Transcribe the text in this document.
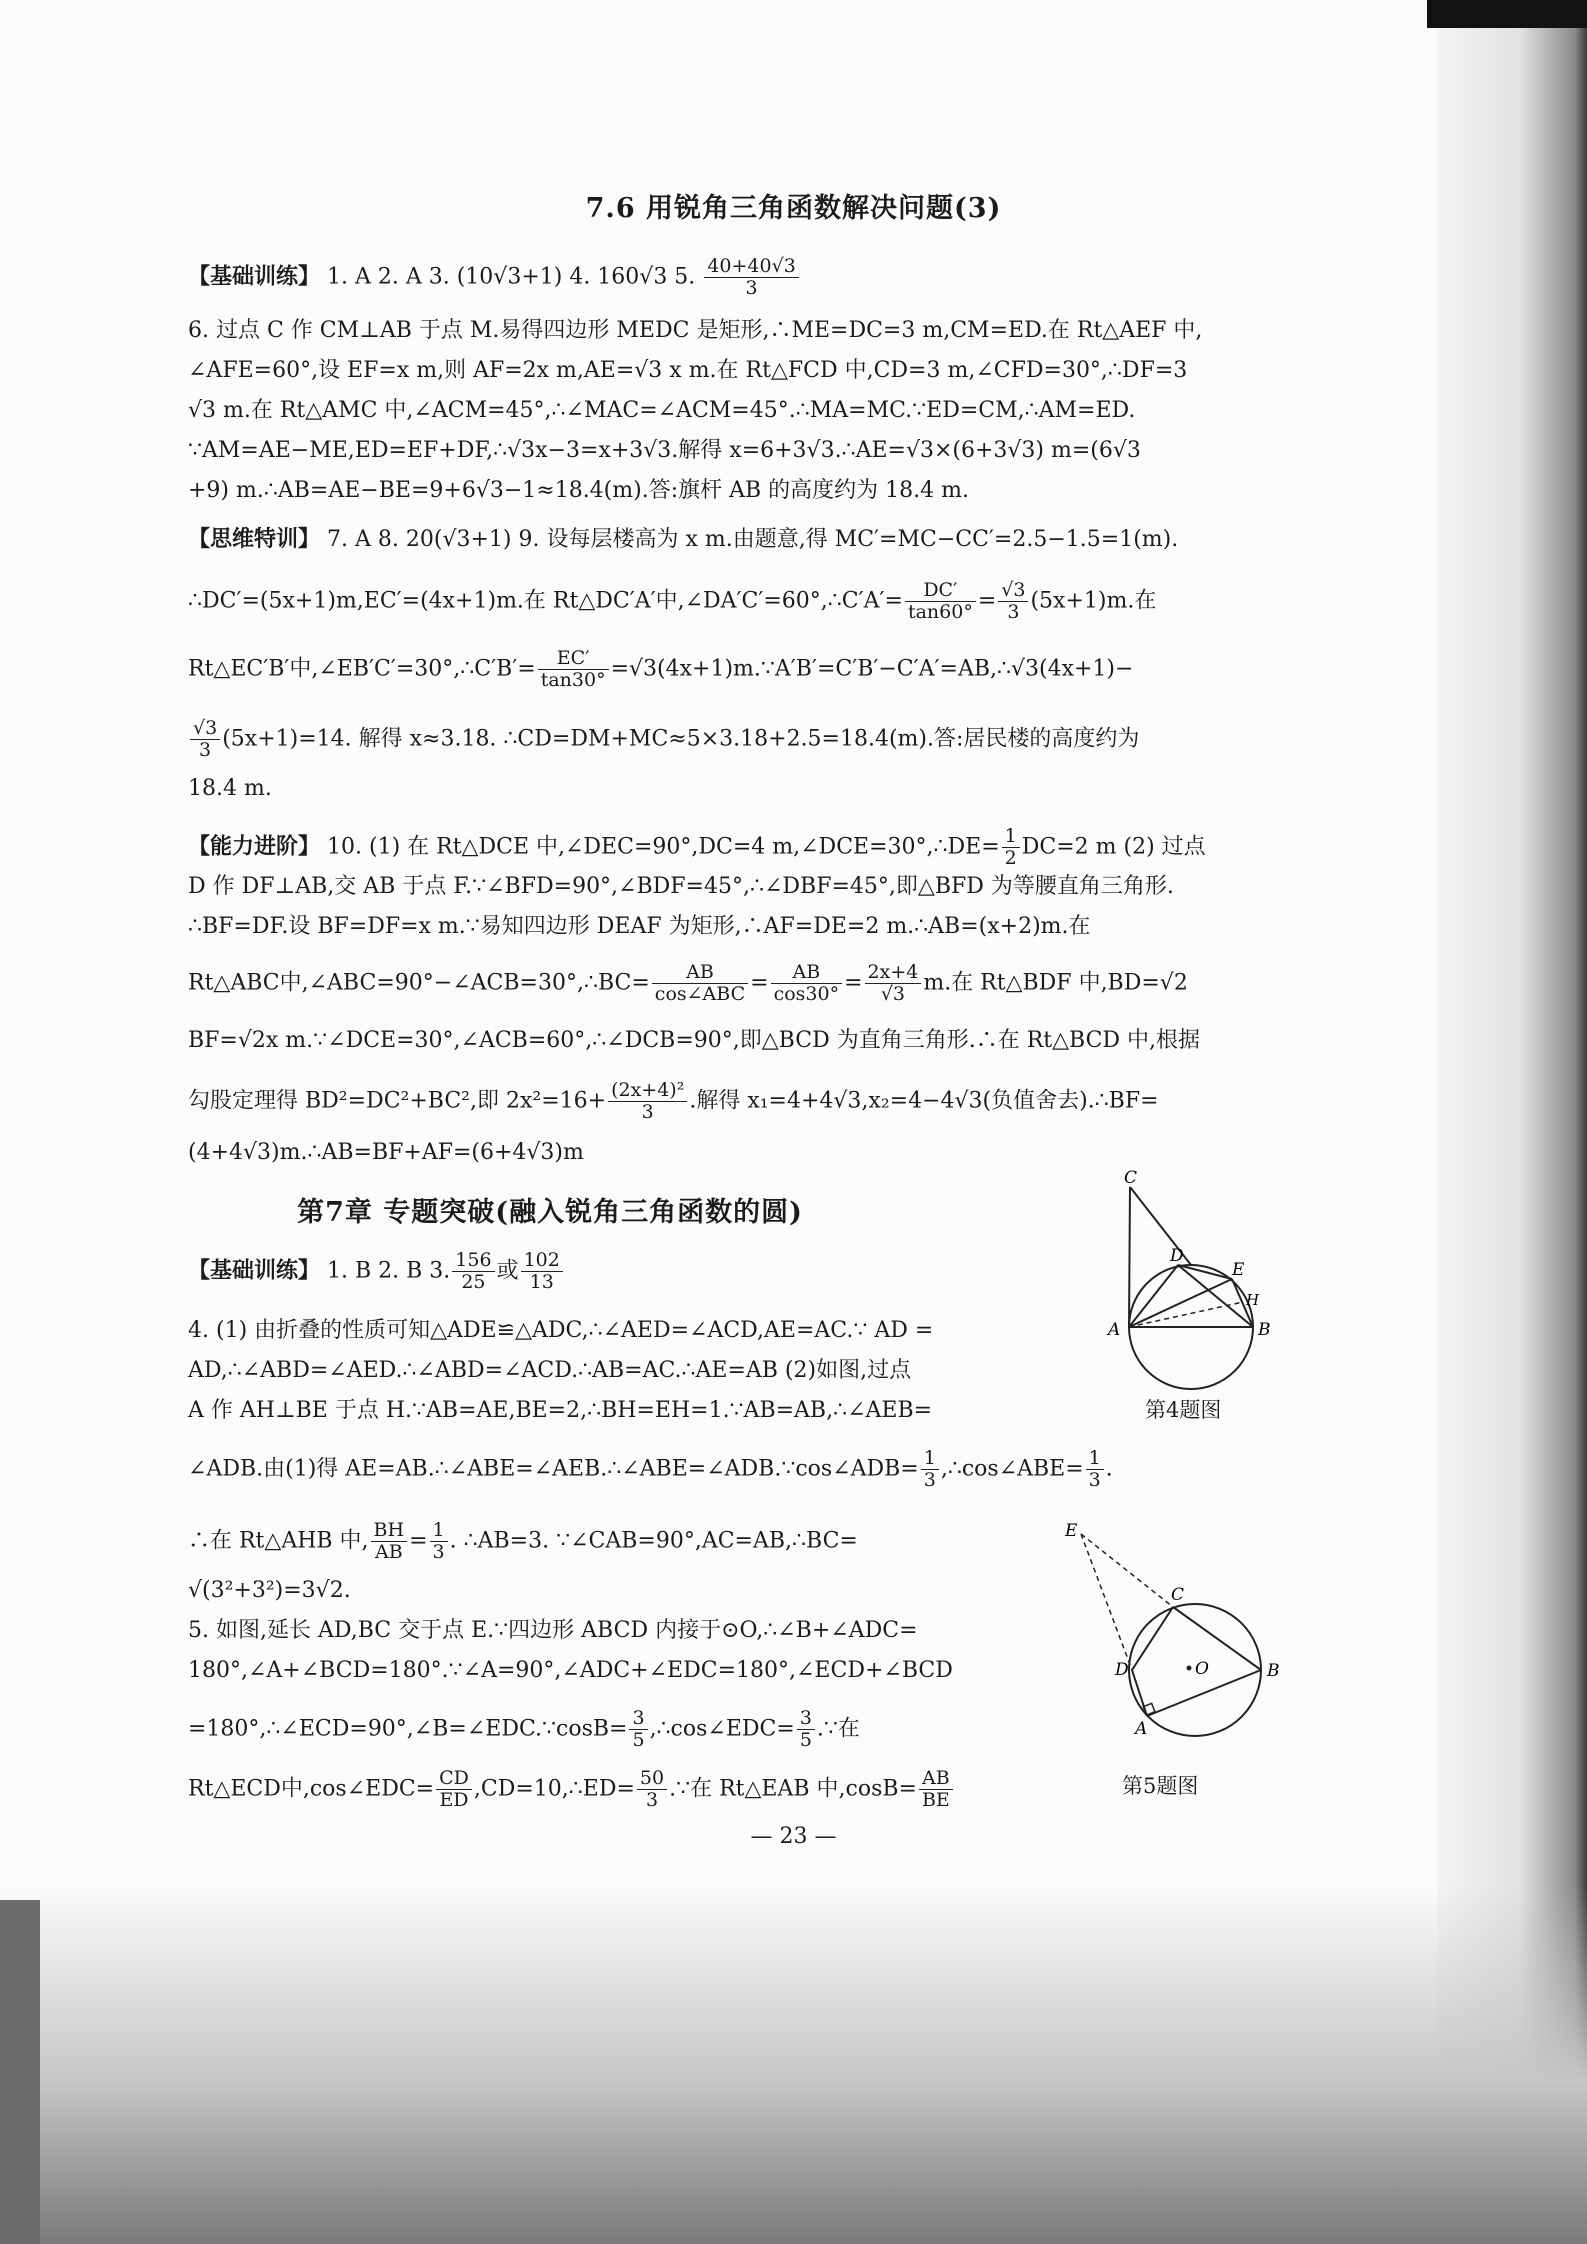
7.6 用锐角三角函数解决问题(3)
【基础训练】 1. A 2. A 3. (10√3+1) 4. 160√3 5. $\frac{40+40√3}{3}$
6. 过点 C 作 CM⊥AB 于点 M.易得四边形 MEDC 是矩形,∴ME=DC=3 m,CM=ED.在 Rt△AEF 中,
∠AFE=60°,设 EF=x m,则 AF=2x m,AE=√3 x m.在 Rt△FCD 中,CD=3 m,∠CFD=30°,∴DF=3
√3 m.在 Rt△AMC 中,∠ACM=45°,∴∠MAC=∠ACM=45°.∴MA=MC.∵ED=CM,∴AM=ED.
∵AM=AE−ME,ED=EF+DF,∴√3x−3=x+3√3.解得 x=6+3√3.∴AE=√3×(6+3√3) m=(6√3
+9) m.∴AB=AE−BE=9+6√3−1≈18.4(m).答:旗杆 AB 的高度约为 18.4 m.
【思维特训】 7. A 8. 20(√3+1) 9. 设每层楼高为 x m.由题意,得 MC′=MC−CC′=2.5−1.5=1(m).
∴DC′=(5x+1)m,EC′=(4x+1)m.在 Rt△DC′A′中,∠DA′C′=60°,∴C′A′= $\frac{DC'}{\tan 60^\circ} = \frac{√3}{3} (5x+1)m$.在
Rt△EC′B′中,∠EB′C′=30°,∴C′B′= $\frac{EC'}{\tan 30^\circ}$ =√3(4x+1)m.∵A′B′=C′B′−C′A′=AB,∴√3(4x+1)−
$\frac{√3}{3} (5x+1)=14$. 解得 x≈3.18. ∴CD=DM+MC≈5×3.18+2.5=18.4(m).答:居民楼的高度约为
18.4 m.
【能力进阶】 10. (1) 在 Rt△DCE 中,∠DEC=90°,DC=4 m,∠DCE=30°,∴DE= $\frac{1}{2} DC=2$ m (2) 过点
D 作 DF⊥AB,交 AB 于点 F.∵∠BFD=90°,∠BDF=45°,∴∠DBF=45°,即△BFD 为等腰直角三角形.
∴BF=DF.设 BF=DF=x m.∵易知四边形 DEAF 为矩形,∴AF=DE=2 m.∴AB=(x+2)m.在
Rt△ABC中,∠ABC=90°−∠ACB=30°,∴BC= $\frac{AB}{\text{cos∠ABC}} = \frac{AB}{\cos 30^\circ} = \frac{2x+4}{√3} m$.在 Rt△BDF 中,BD=√2
BF=√2x m.∵∠DCE=30°,∠ACB=60°,∴∠DCB=90°,即△BCD 为直角三角形.∴在 Rt△BCD 中,根据
勾股定理得 BD²=DC²+BC²,即 $2x^2=16+ \frac{\text{(2x+4)²}}{3}$ .解得 x₁=4+4√3,x₂=4−4√3(负值舍去).∴BF=
(4+4√3)m.∴AB=BF+AF=(6+4√3)m
第7章 专题突破(融入锐角三角函数的圆)
【基础训练】 1. B 2. B 3. $\frac{156}{25}$ 或 $\frac{102}{13}$
4. (1) 由折叠的性质可知△ADE≌△ADC,∴∠AED=∠ACD,AE=AC.∵ AD =
AD,∴∠ABD=∠AED.∴∠ABD=∠ACD.∴AB=AC.∴AE=AB (2)如图,过点
A 作 AH⊥BE 于点 H.∵AB=AE,BE=2,∴BH=EH=1.∵AB=AB,∴∠AEB=
∠ADB.由(1)得 AE=AB.∴∠ABE=∠AEB.∴∠ABE=∠ADB.∵cos∠ADB= $\frac{1}{3}$ ,∴cos∠ABE= $\frac{1}{3}$ .
∴在 Rt△AHB 中, $\frac{BH}{AB} = \frac{1}{3}$ . ∴AB=3. ∵∠CAB=90°,AC=AB,∴BC=
√(3²+3²)=3√2.
5. 如图,延长 AD,BC 交于点 E.∵四边形 ABCD 内接于⊙O,∴∠B+∠ADC=
180°,∠A+∠BCD=180°.∵∠A=90°,∠ADC+∠EDC=180°,∠ECD+∠BCD
=180°,∴∠ECD=90°,∠B=∠EDC.∵cosB= $\frac{3}{5}$ ,∴cos∠EDC= $\frac{3}{5}$ .∵在
Rt△ECD中,cos∠EDC= $\frac{CD}{ED}$ ,CD=10,∴ED= $\frac{50}{3}$ .∵在 Rt△EAB 中$,\cos B= \frac{AB}{BE}$
C
D
E
H
A	B
第4题图
E
C
D	O	B
A
第5题图
— 23 —
